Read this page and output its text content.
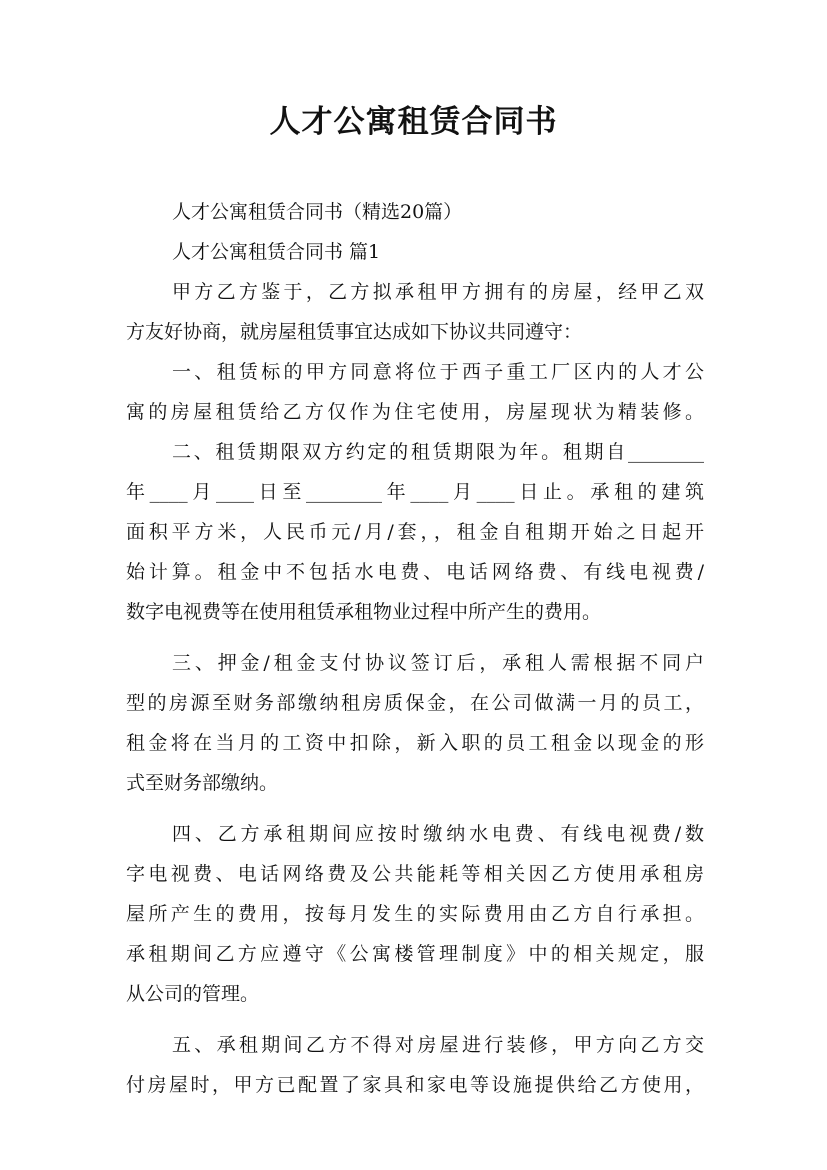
人才公寓租赁合同书
人才公寓租赁合同书（精选20篇）
人才公寓租赁合同书 篇1
甲方乙方鉴于，乙方拟承租甲方拥有的房屋，经甲乙双
方友好协商，就房屋租赁事宜达成如下协议共同遵守：
一、租赁标的甲方同意将位于西子重工厂区内的人才公
寓的房屋租赁给乙方仅作为住宅使用，房屋现状为精装修。
二、租赁期限双方约定的租赁期限为年。租期自________
年____月____日至________年____月____日止。承租的建筑
面积平方米，人民币元/月/套，，租金自租期开始之日起开
始计算。租金中不包括水电费、电话网络费、有线电视费/
数字电视费等在使用租赁承租物业过程中所产生的费用。
三、押金/租金支付协议签订后，承租人需根据不同户
型的房源至财务部缴纳租房质保金，在公司做满一月的员工，
租金将在当月的工资中扣除，新入职的员工租金以现金的形
式至财务部缴纳。
四、乙方承租期间应按时缴纳水电费、有线电视费/数
字电视费、电话网络费及公共能耗等相关因乙方使用承租房
屋所产生的费用，按每月发生的实际费用由乙方自行承担。
承租期间乙方应遵守《公寓楼管理制度》中的相关规定，服
从公司的管理。
五、承租期间乙方不得对房屋进行装修，甲方向乙方交
付房屋时，甲方已配置了家具和家电等设施提供给乙方使用，
